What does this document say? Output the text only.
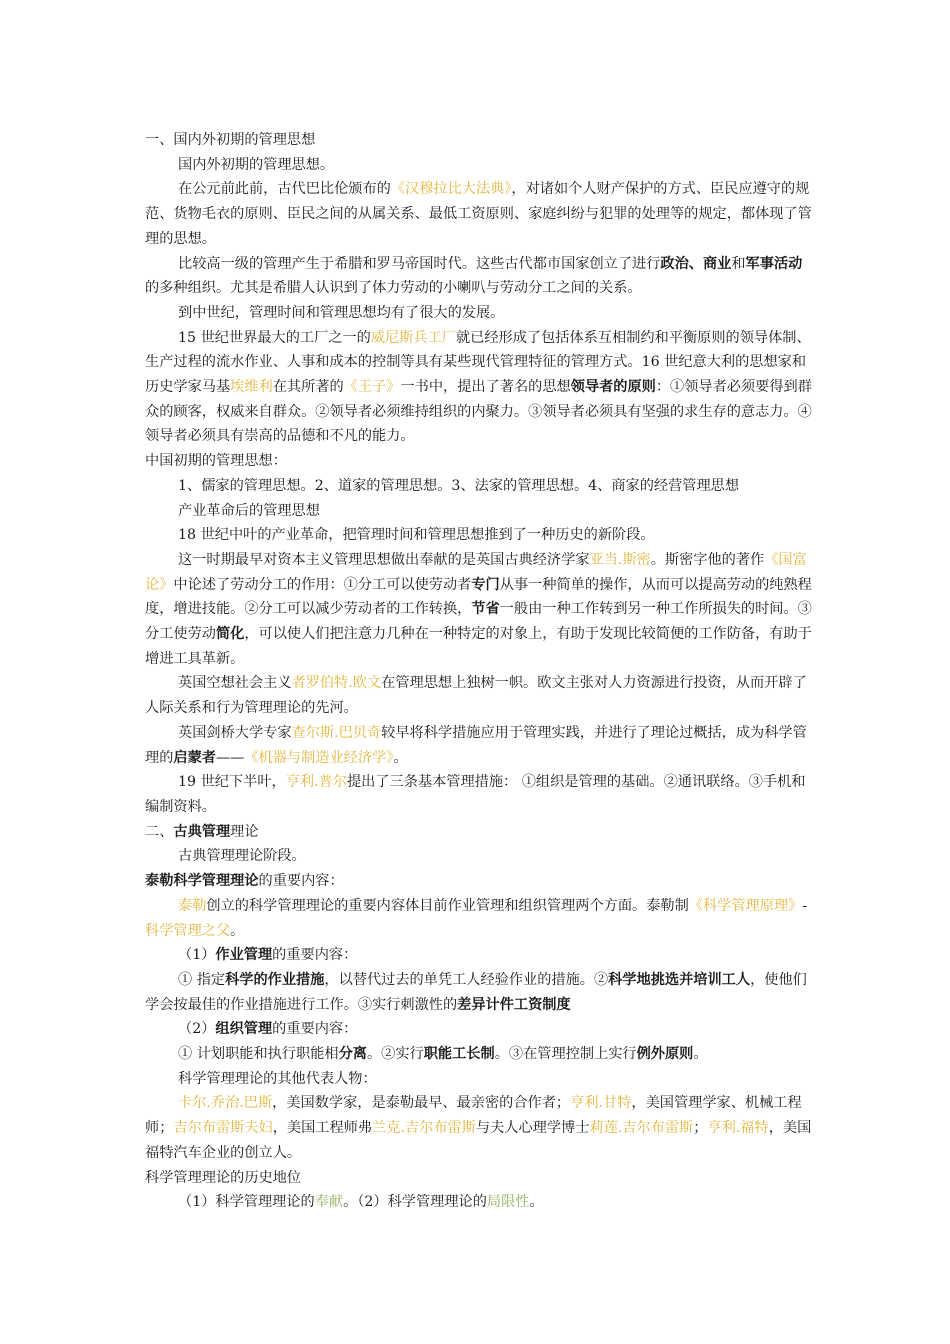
一、国内外初期的管理思想

国内外初期的管理思想。

在公元前此前，古代巴比伦颁布的《汉穆拉比大法典》，对诸如个人财产保护的方式、臣民应遵守的规范、货物毛衣的原则、臣民之间的从属关系、最低工资原则、家庭纠纷与犯罪的处理等的规定，都体现了管理的思想。

比较高一级的管理产生于希腊和罗马帝国时代。这些古代都市国家创立了进行政治、商业和军事活动的多种组织。尤其是希腊人认识到了体力劳动的小喇叭与劳动分工之间的关系。

到中世纪，管理时间和管理思想均有了很大的发展。

15 世纪世界最大的工厂之一的威尼斯兵工厂就已经形成了包括体系互相制约和平衡原则的领导体制、生产过程的流水作业、人事和成本的控制等具有某些现代管理特征的管理方式。16 世纪意大利的思想家和历史学家马基埃维利在其所著的《王子》一书中，提出了著名的思想领导者的原则：①领导者必须要得到群众的顾客，权威来自群众。②领导者必须维持组织的内聚力。③领导者必须具有坚强的求生存的意志力。④领导者必须具有崇高的品德和不凡的能力。

中国初期的管理思想：

1、儒家的管理思想。2、道家的管理思想。3、法家的管理思想。4、商家的经营管理思想

产业革命后的管理思想

18 世纪中叶的产业革命，把管理时间和管理思想推到了一种历史的新阶段。

这一时期最早对资本主义管理思想做出奉献的是英国古典经济学家亚当.斯密。斯密字他的著作《国富论》中论述了劳动分工的作用：①分工可以使劳动者专门从事一种简单的操作，从而可以提高劳动的纯熟程度，增进技能。②分工可以减少劳动者的工作转换，节省一般由一种工作转到另一种工作所损失的时间。③分工使劳动简化，可以使人们把注意力几种在一种特定的对象上，有助于发现比较简便的工作防备，有助于增进工具革新。

英国空想社会主义者罗伯特.欧文在管理思想上独树一帜。欧文主张对人力资源进行投资，从而开辟了人际关系和行为管理理论的先河。

英国剑桥大学专家查尔斯.巴贝奇较早将科学措施应用于管理实践，并进行了理论过概括，成为科学管理的启蒙者——《机器与制造业经济学》。

19 世纪下半叶，亨利.普尔提出了三条基本管理措施： ①组织是管理的基础。②通讯联络。③手机和编制资料。

二、古典管理理论

古典管理理论阶段。

泰勒科学管理理论的重要内容：

泰勒创立的科学管理理论的重要内容体目前作业管理和组织管理两个方面。泰勒制《科学管理原理》-科学管理之父。

（1）作业管理的重要内容：

① 指定科学的作业措施，以替代过去的单凭工人经验作业的措施。②科学地挑选并培训工人，使他们学会按最佳的作业措施进行工作。③实行刺激性的差异计件工资制度

（2）组织管理的重要内容：

① 计划职能和执行职能相分离。②实行职能工长制。③在管理控制上实行例外原则。

科学管理理论的其他代表人物：

卡尔.乔治.巴斯，美国数学家，是泰勒最早、最亲密的合作者；亨利.甘特，美国管理学家、机械工程师；吉尔布雷斯夫妇，美国工程师弗兰克.吉尔布雷斯与夫人心理学博士莉莲.吉尔布雷斯；亨利.福特，美国福特汽车企业的创立人。

科学管理理论的历史地位

（1）科学管理理论的奉献。（2）科学管理理论的局限性。
